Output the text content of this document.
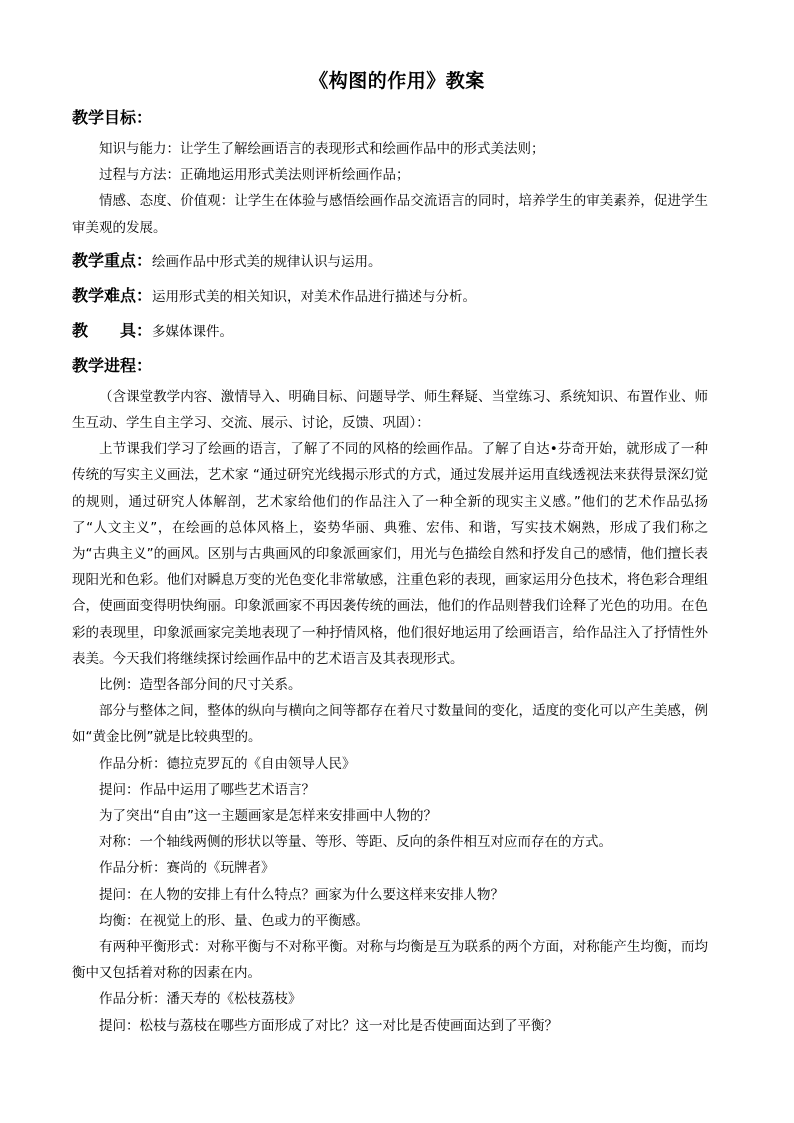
《构图的作用》教案
教学目标：

知识与能力：让学生了解绘画语言的表现形式和绘画作品中的形式美法则；

过程与方法：正确地运用形式美法则评析绘画作品；

情感、态度、价值观：让学生在体验与感悟绘画作品交流语言的同时，培养学生的审美素养，促进学生审美观的发展。

教学重点：绘画作品中形式美的规律认识与运用。
教学难点：运用形式美的相关知识，对美术作品进行描述与分析。
教　　具：多媒体课件。
教学进程：

（含课堂教学内容、激情导入、明确目标、问题导学、师生释疑、当堂练习、系统知识、布置作业、师生互动、学生自主学习、交流、展示、讨论，反馈、巩固）：

上节课我们学习了绘画的语言，了解了不同的风格的绘画作品。了解了自达•芬奇开始，就形成了一种传统的写实主义画法，艺术家 “通过研究光线揭示形式的方式，通过发展并运用直线透视法来获得景深幻觉的规则，通过研究人体解剖，艺术家给他们的作品注入了一种全新的现实主义感。”他们的艺术作品弘扬了“人文主义”，在绘画的总体风格上，姿势华丽、典雅、宏伟、和谐，写实技术娴熟，形成了我们称之为“古典主义”的画风。区别与古典画风的印象派画家们，用光与色描绘自然和抒发自己的感情，他们擅长表现阳光和色彩。他们对瞬息万变的光色变化非常敏感，注重色彩的表现，画家运用分色技术，将色彩合理组合，使画面变得明快绚丽。印象派画家不再因袭传统的画法，他们的作品则替我们诠释了光色的功用。在色彩的表现里，印象派画家完美地表现了一种抒情风格，他们很好地运用了绘画语言，给作品注入了抒情性外表美。今天我们将继续探讨绘画作品中的艺术语言及其表现形式。

比例：造型各部分间的尺寸关系。

部分与整体之间，整体的纵向与横向之间等都存在着尺寸数量间的变化，适度的变化可以产生美感，例如“黄金比例”就是比较典型的。

作品分析：德拉克罗瓦的《自由领导人民》

提问：作品中运用了哪些艺术语言？

为了突出“自由”这一主题画家是怎样来安排画中人物的？

对称：一个轴线两侧的形状以等量、等形、等距、反向的条件相互对应而存在的方式。

作品分析：赛尚的《玩牌者》

提问：在人物的安排上有什么特点？画家为什么要这样来安排人物？

均衡：在视觉上的形、量、色或力的平衡感。

有两种平衡形式：对称平衡与不对称平衡。对称与均衡是互为联系的两个方面，对称能产生均衡，而均衡中又包括着对称的因素在内。

作品分析：潘天寿的《松枝荔枝》

提问：松枝与荔枝在哪些方面形成了对比？这一对比是否使画面达到了平衡？
